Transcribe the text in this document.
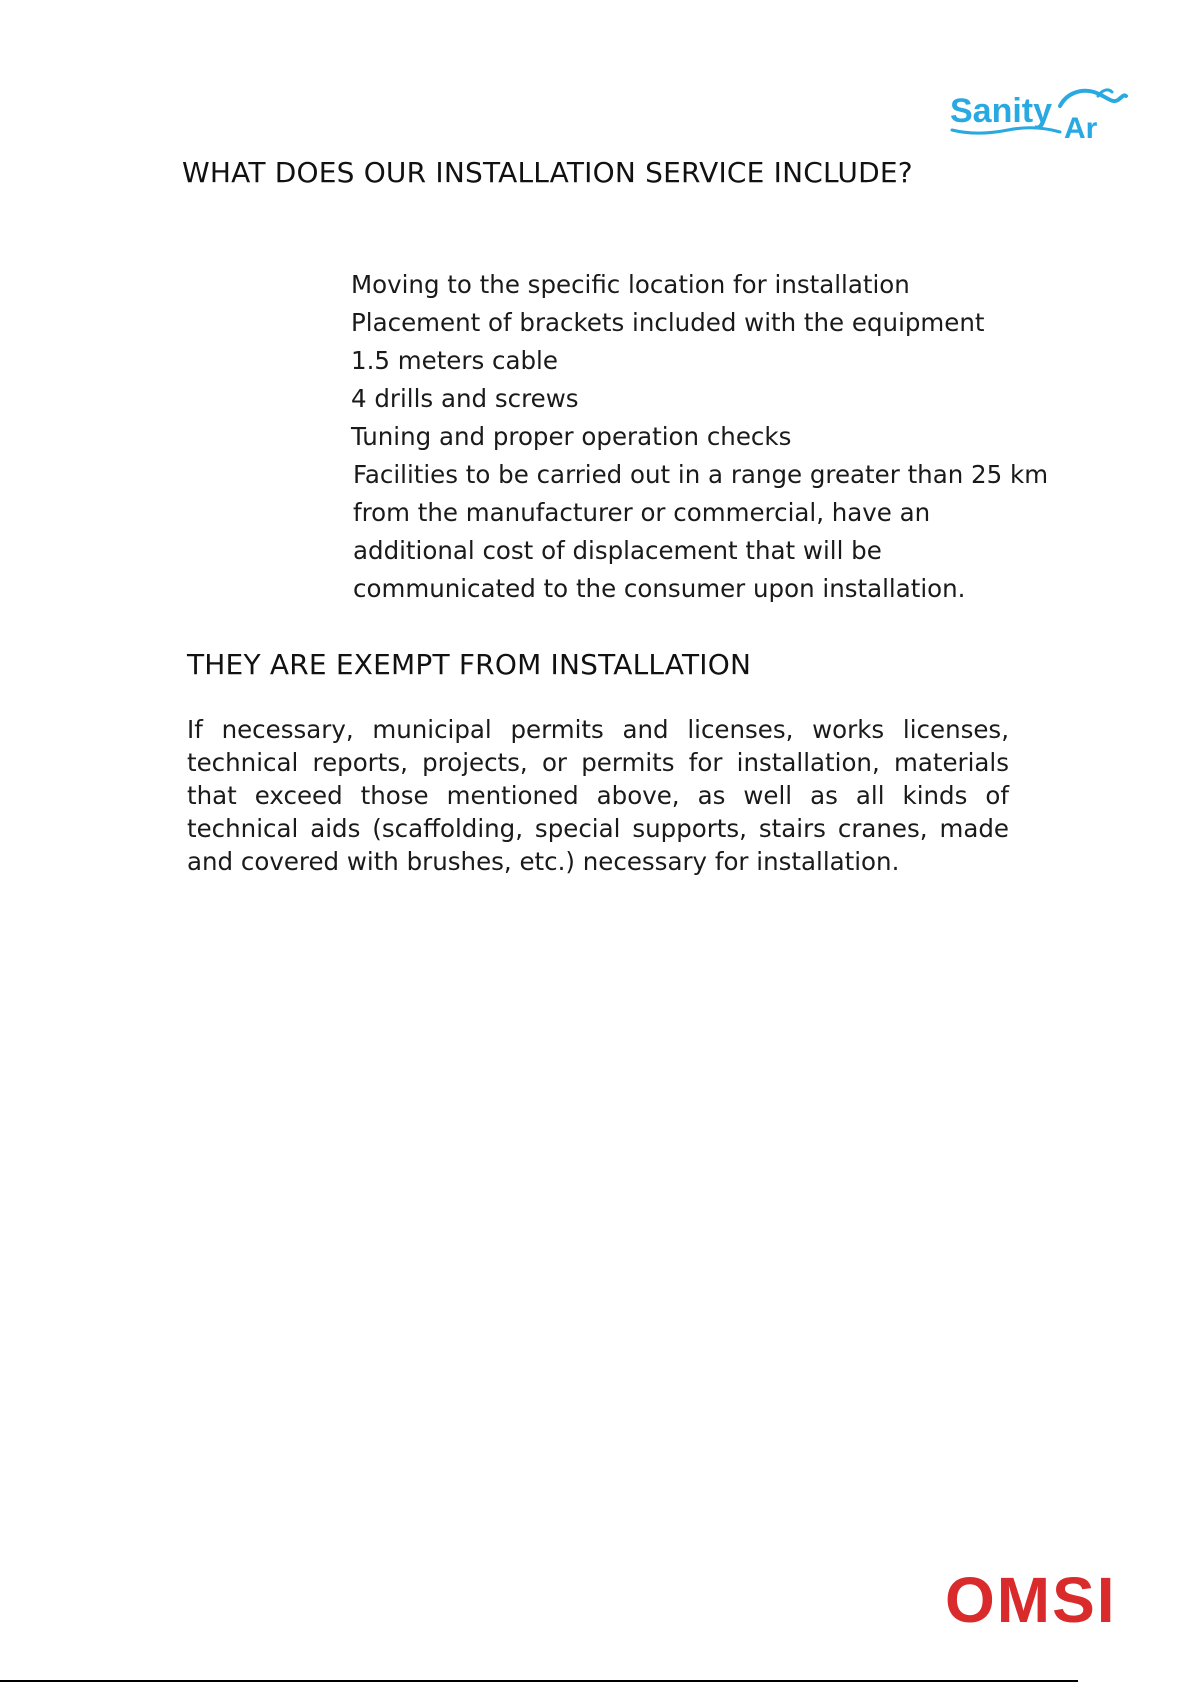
Sanity Ar
WHAT DOES OUR INSTALLATION SERVICE INCLUDE?
Moving to the specific location for installation
Placement of brackets included with the equipment
1.5 meters cable
4 drills and screws
Tuning and proper operation checks
Facilities to be carried out in a range greater than 25 km from the manufacturer or commercial, have an additional cost of displacement that will be communicated to the consumer upon installation.
THEY ARE EXEMPT FROM INSTALLATION

If necessary, municipal permits and licenses, works licenses, technical reports, projects, or permits for installation, materials that exceed those mentioned above, as well as all kinds of technical aids (scaffolding, special supports, stairs cranes, made and covered with brushes, etc.) necessary for installation.

OMSI
